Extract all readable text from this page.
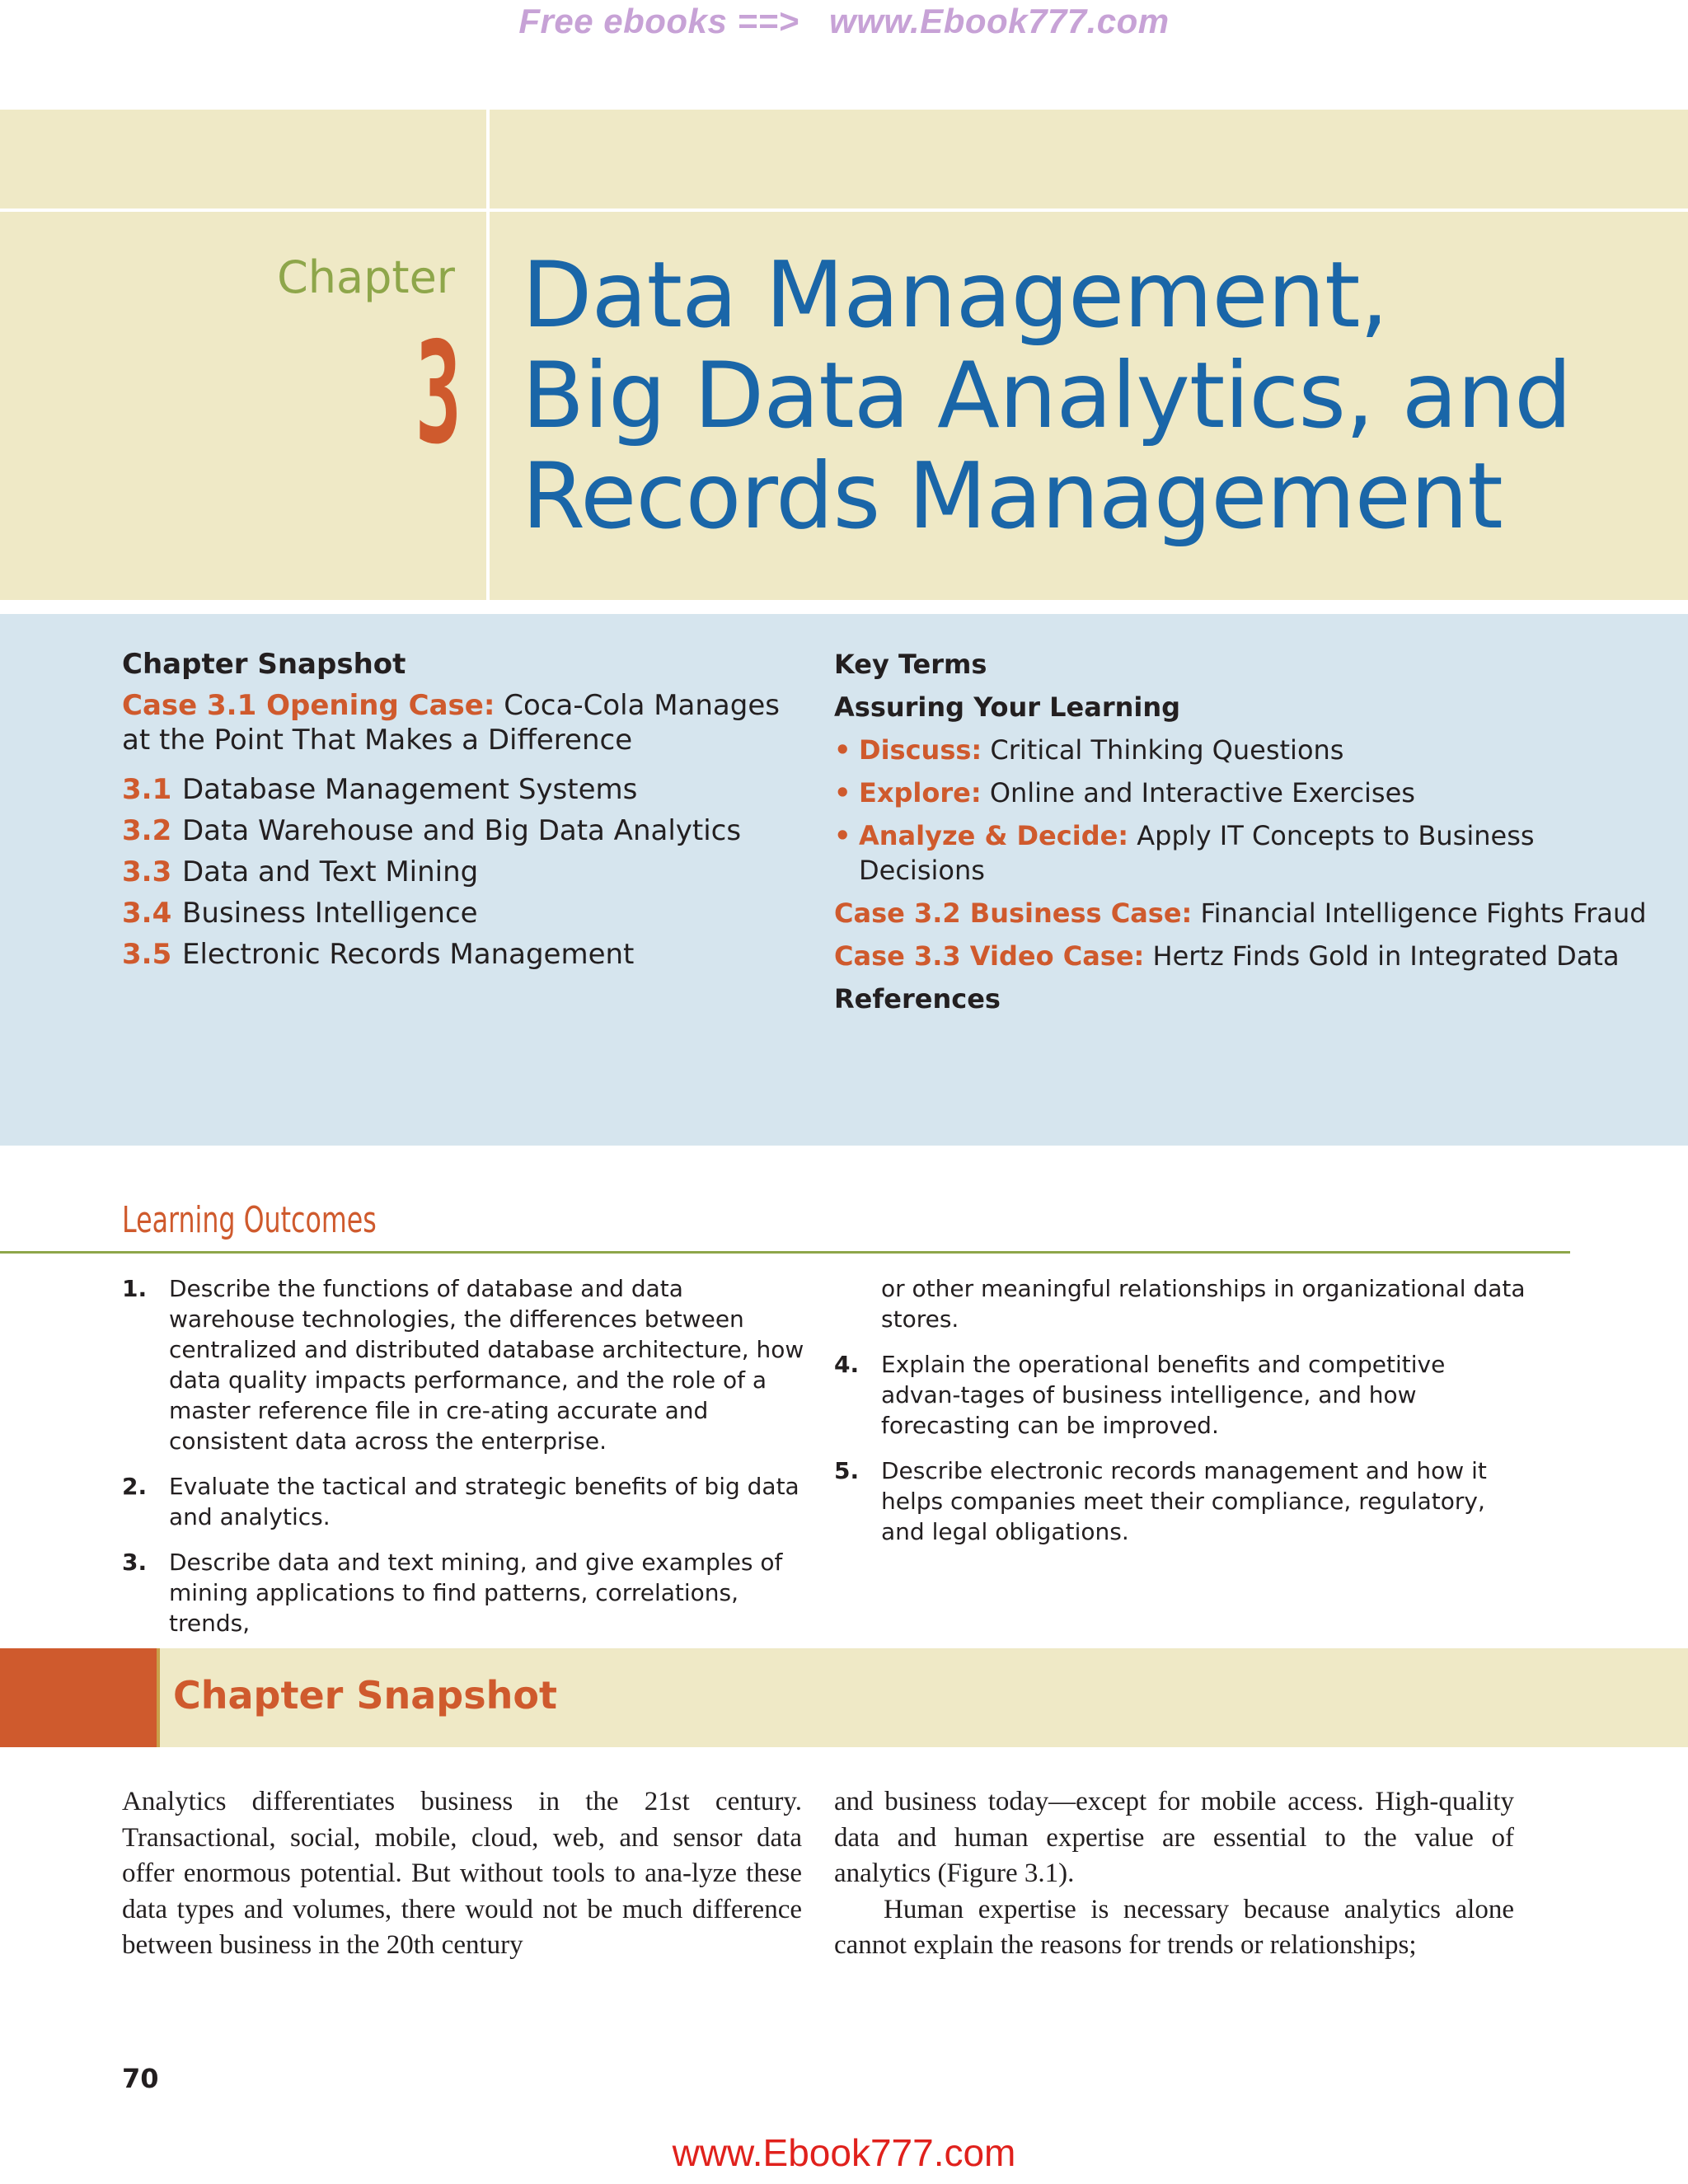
Free ebooks ==>   www.Ebook777.com
Chapter
3
Data Management,
Big Data Analytics, and
Records Management
Chapter Snapshot
Case 3.1 Opening Case: Coca-Cola Manages at the Point That Makes a Difference
3.1 Database Management Systems
3.2 Data Warehouse and Big Data Analytics
3.3 Data and Text Mining
3.4 Business Intelligence
3.5 Electronic Records Management
Key Terms
Assuring Your Learning
• Discuss: Critical Thinking Questions
• Explore: Online and Interactive Exercises
• Analyze & Decide: Apply IT Concepts to Business Decisions
Case 3.2 Business Case: Financial Intelligence Fights Fraud
Case 3.3 Video Case: Hertz Finds Gold in Integrated Data
References
Learning Outcomes
1. Describe the functions of database and data warehouse technologies, the differences between centralized and distributed database architecture, how data quality impacts performance, and the role of a master reference file in cre-ating accurate and consistent data across the enterprise.
2. Evaluate the tactical and strategic benefits of big data and analytics.
3. Describe data and text mining, and give examples of mining applications to find patterns, correlations, trends,
or other meaningful relationships in organizational data stores.
4. Explain the operational benefits and competitive advan-tages of business intelligence, and how forecasting can be improved.
5. Describe electronic records management and how it helps companies meet their compliance, regulatory, and legal obligations.
Chapter Snapshot

Analytics differentiates business in the 21st century. Transactional, social, mobile, cloud, web, and sensor data offer enormous potential. But without tools to ana-lyze these data types and volumes, there would not be much difference between business in the 20th century

and business today—except for mobile access. High-quality data and human expertise are essential to the value of analytics (Figure 3.1).

Human expertise is necessary because analytics alone cannot explain the reasons for trends or relationships;

70
www.Ebook777.com
